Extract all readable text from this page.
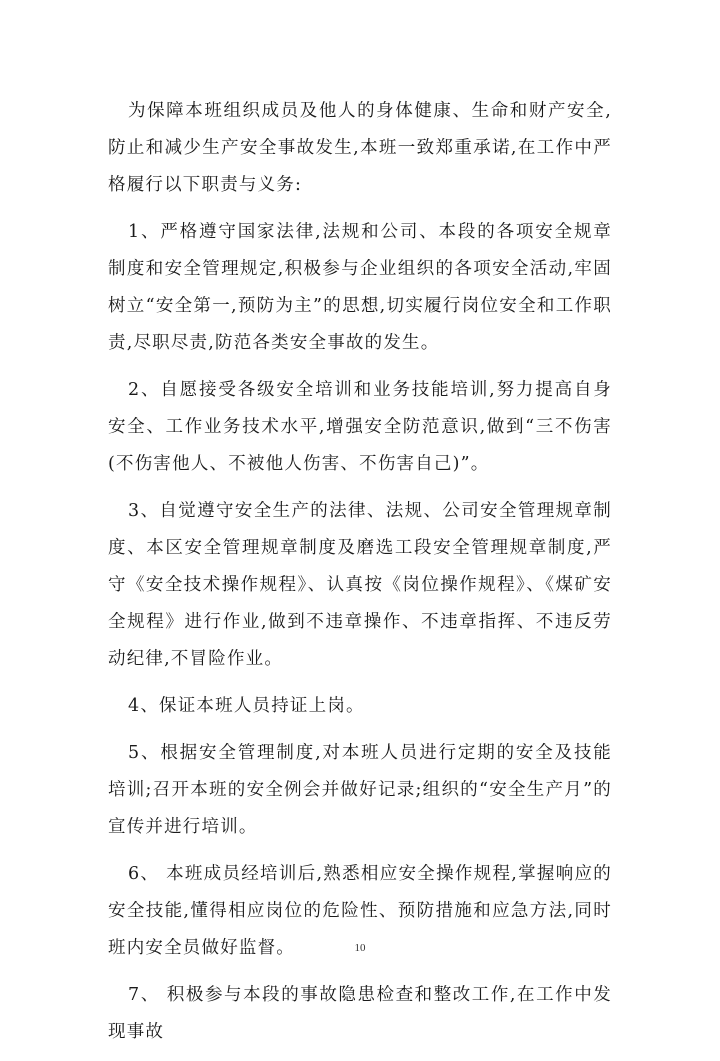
为保障本班组织成员及他人的身体健康、生命和财产安全,防止和减少生产安全事故发生,本班一致郑重承诺,在工作中严格履行以下职责与义务:

1、严格遵守国家法律,法规和公司、本段的各项安全规章制度和安全管理规定,积极参与企业组织的各项安全活动,牢固树立“安全第一,预防为主”的思想,切实履行岗位安全和工作职责,尽职尽责,防范各类安全事故的发生。

2、自愿接受各级安全培训和业务技能培训,努力提高自身安全、工作业务技术水平,增强安全防范意识,做到“三不伤害(不伤害他人、不被他人伤害、不伤害自己)”。

3、自觉遵守安全生产的法律、法规、公司安全管理规章制度、本区安全管理规章制度及磨选工段安全管理规章制度,严守《安全技术操作规程》、认真按《岗位操作规程》、《煤矿安全规程》进行作业,做到不违章操作、不违章指挥、不违反劳动纪律,不冒险作业。

4、保证本班人员持证上岗。

5、根据安全管理制度,对本班人员进行定期的安全及技能培训;召开本班的安全例会并做好记录;组织的“安全生产月”的宣传并进行培训。

6、 本班成员经培训后,熟悉相应安全操作规程,掌握响应的安全技能,懂得相应岗位的危险性、预防措施和应急方法,同时班内安全员做好监督。

7、 积极参与本段的事故隐患检查和整改工作,在工作中发现事故

10
